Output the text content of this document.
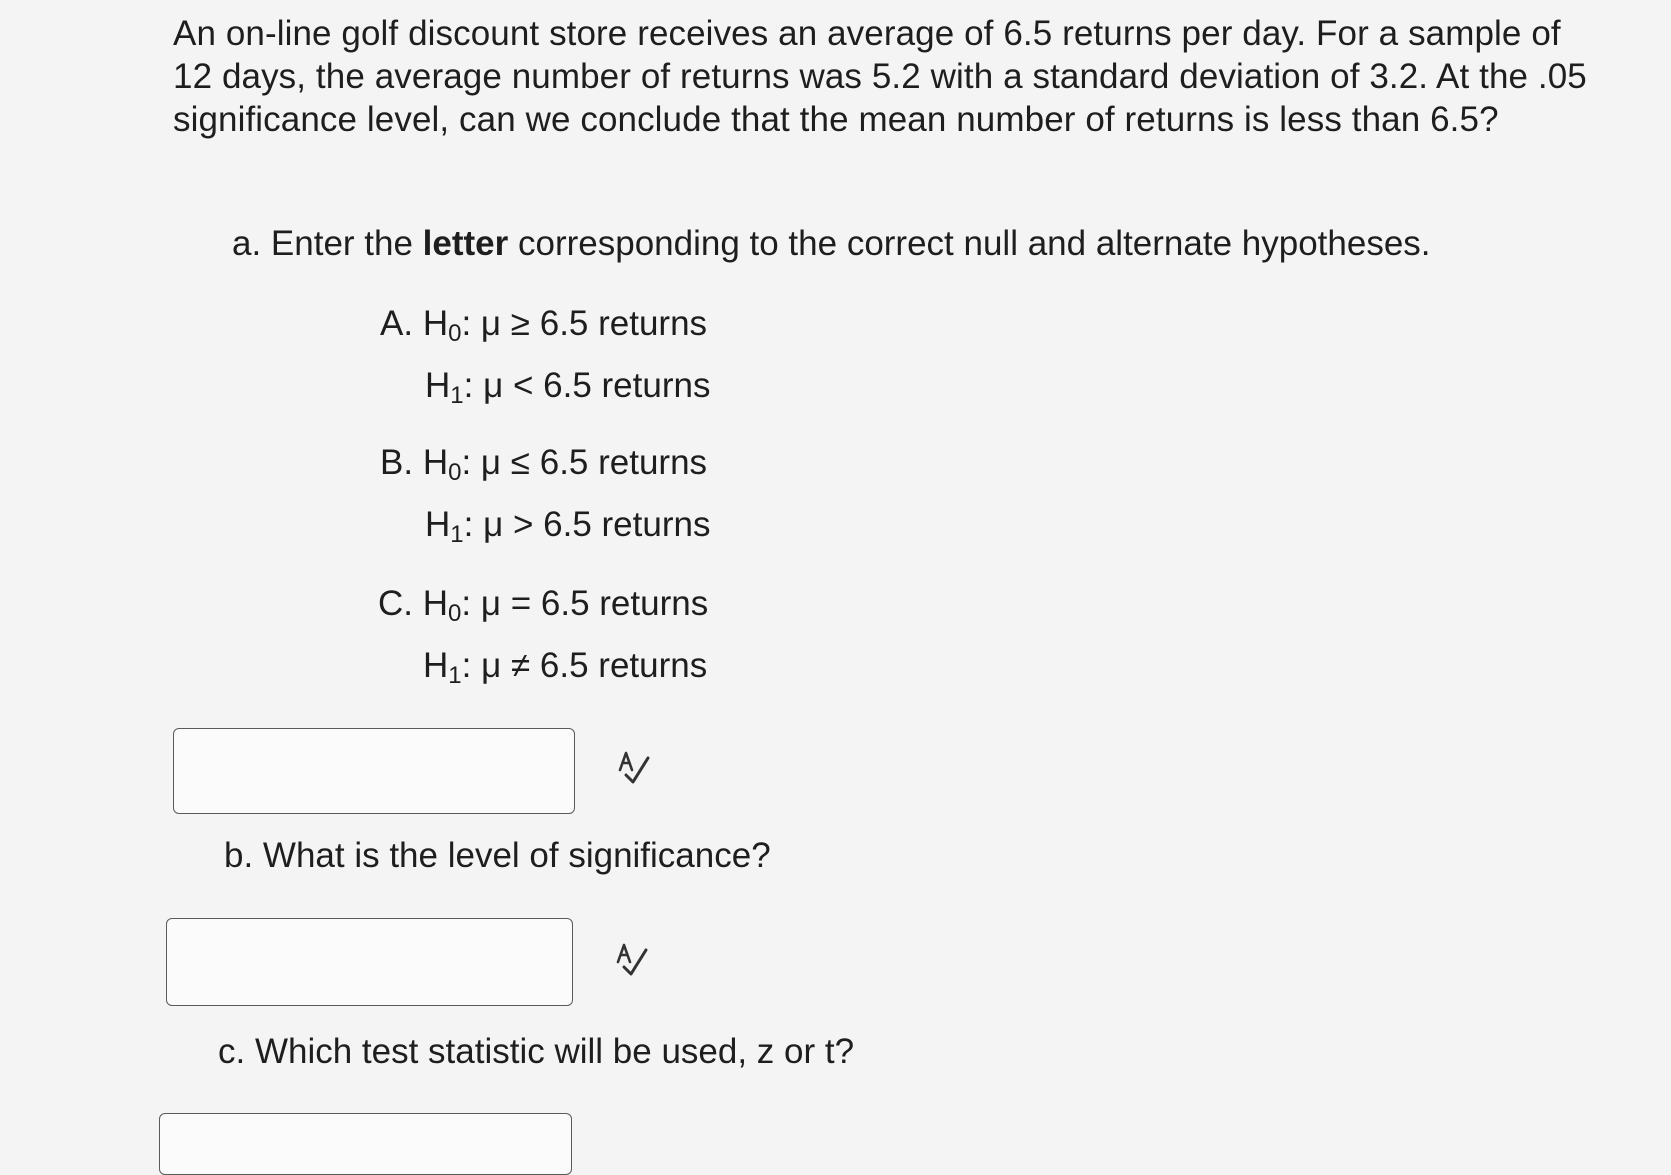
An on-line golf discount store receives an average of 6.5 returns per day. For a sample of 12 days, the average number of returns was 5.2 with a standard deviation of 3.2. At the .05 significance level, can we conclude that the mean number of returns is less than 6.5?
a. Enter the letter corresponding to the correct null and alternate hypotheses.
A. $H_0$: μ ≥ 6.5 returns
$H_1$: μ < 6.5 returns
B. $H_0$: μ ≤ 6.5 returns
$H_1$: μ > 6.5 returns
C. $H_0$: μ = 6.5 returns
$H_1$: μ ≠ 6.5 returns
b. What is the level of significance?
c. Which test statistic will be used, z or t?
